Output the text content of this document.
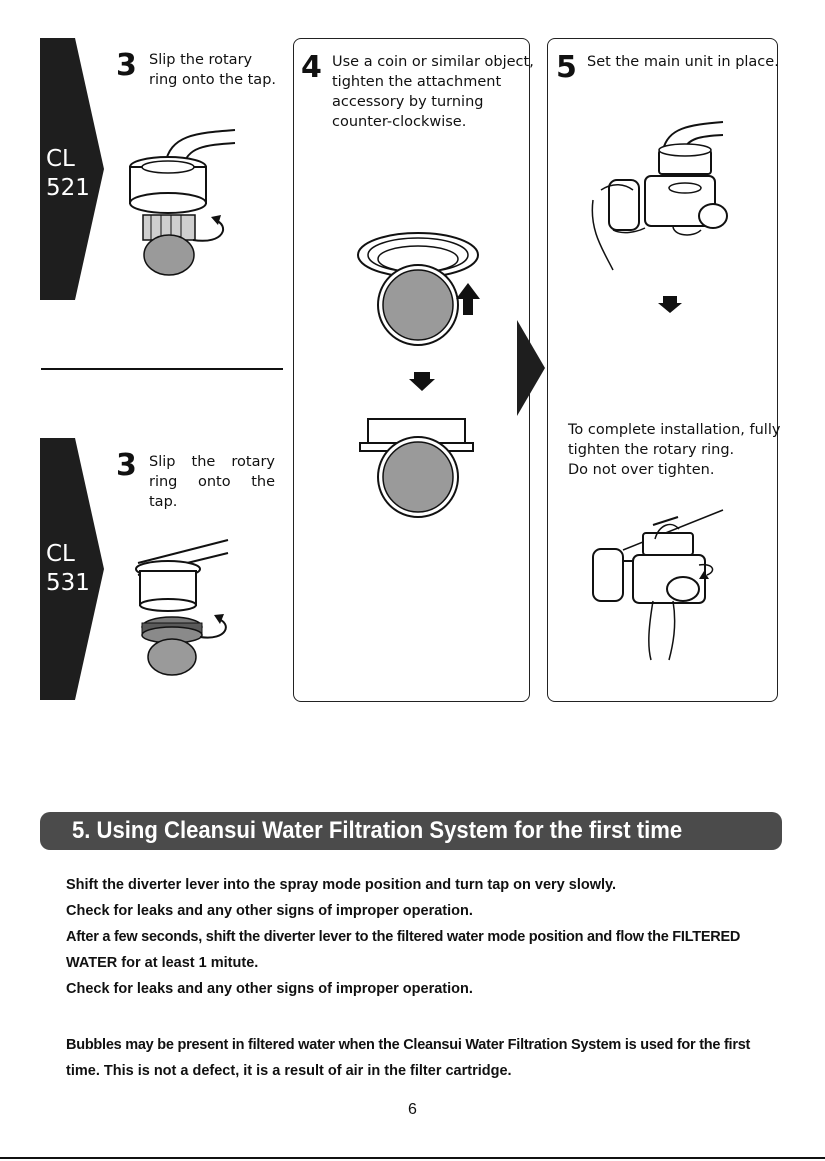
CL
521
3 Slip the rotary
ring onto the tap.
CL
531
3 Slip the rotary
ring onto the tap.
4 Use a coin or similar object,
tighten the attachment
accessory by turning
counter-clockwise.
5 Set the main unit in place.
To complete installation, fully
tighten the rotary ring.
Do not over tighten.
5. Using Cleansui Water Filtration System for the first time
Shift the diverter lever into the spray mode position and turn tap on very slowly.
Check for leaks and any other signs of improper operation.
After a few seconds, shift the diverter lever to the filtered water mode position and flow the FILTERED
WATER for at least 1 mitute.
Check for leaks and any other signs of improper operation.
Bubbles may be present in filtered water when the Cleansui Water Filtration System is used for the first
time. This is not a defect, it is a result of air in the filter cartridge.
6
